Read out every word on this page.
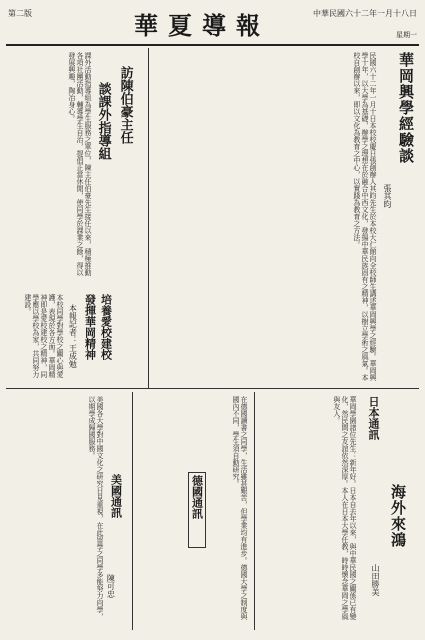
中華民國六十二年一月十八日
華夏導報
第二版
星期一
華岡興學經驗談
張其昀
民國六十二年一月十日本校校慶日張創辦人其昀先生於本校大仁館向全校師生講述華岡興學之經驗。華岡興學十年，以大學為基礎，辦學之理想在於融合中西文化，發揚中華民族固有之精神，以樹立學術之風氣。本校自創辦以來，即以文化為教育之中心，以實踐為教育之方法。
訪陳伯豪主任
談課外指導組
課外活動指導組為學生服務之單位，陳主任伯豪先生接任以來，積極推動各項社團活動，輔導學生自治，提倡正當休閒，使同學於課業之餘，得以發展興趣，陶冶身心。
培養愛校建校
發揮華岡精神
本報記者：王成勉
本校同學對學校之關心與愛護，表現於各方面。華岡精神即是愛校建校之精神，同學應以學校為家，共同努力建設。
海外來鴻
日本通訊
山田勝美
華岡學園諸位先生：新年好。日本自去年以來，與中華民國之關係已有變化，然民間之友誼依然深厚。本人在日本大學任教，時時懷念華岡之學風與友人。
德國通訊	在德國讀書之同學，生活雖甚艱苦，但學業均有進步。德國大學之制度與國內不同，學生須自動研究。
美國通訊
陳可忠
美國各大學對中國文化之研究日見重視，在此留學之同學多能努力向學，以期學成歸國服務。
